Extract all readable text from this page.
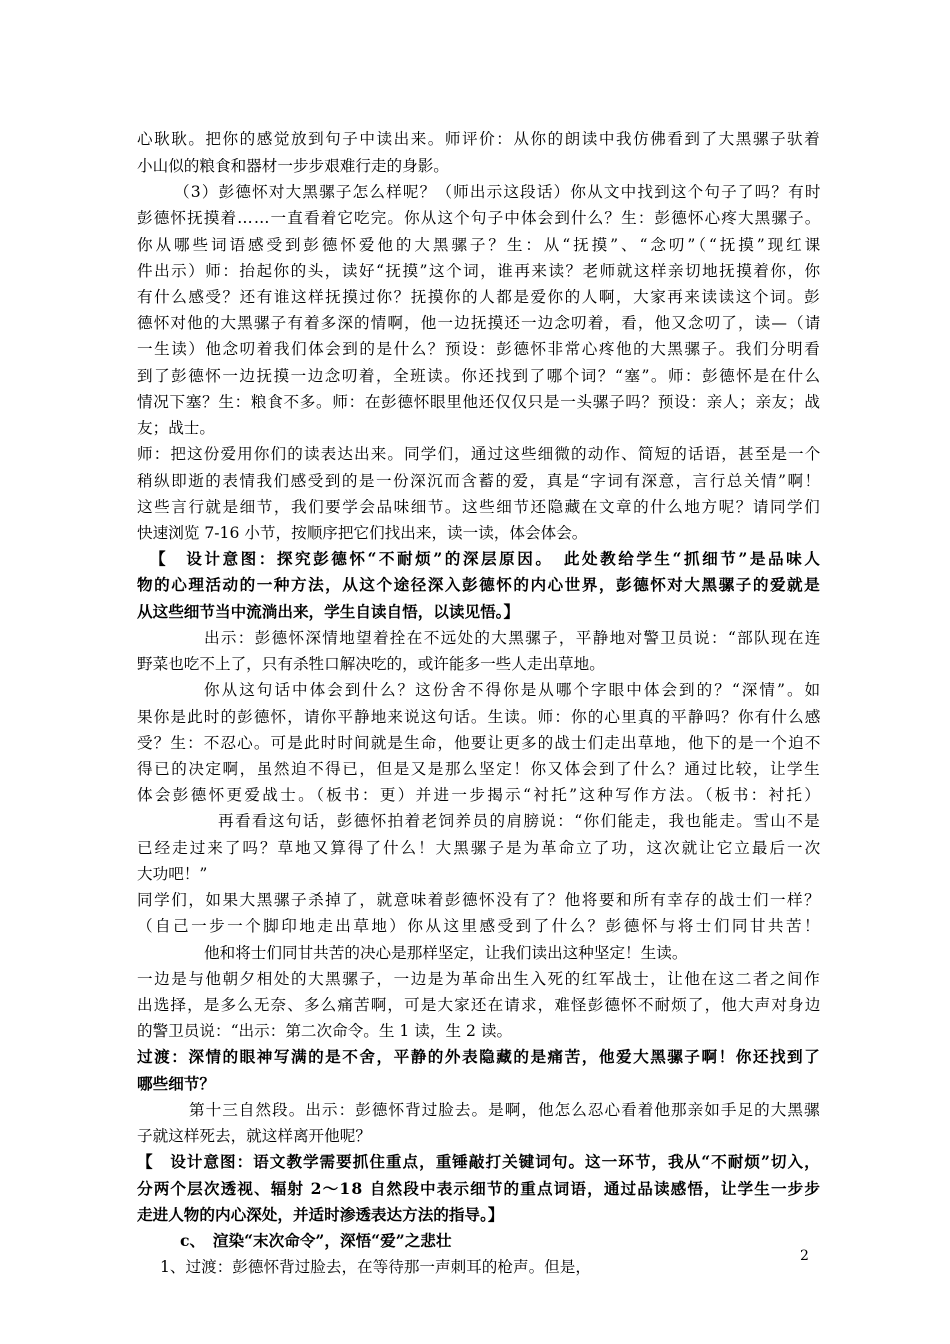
心耿耿。把你的感觉放到句子中读出来。师评价：从你的朗读中我仿佛看到了大黑骡子驮着
小山似的粮食和器材一步步艰难行走的身影。
（3）彭德怀对大黑骡子怎么样呢？（师出示这段话）你从文中找到这个句子了吗？有时
彭德怀抚摸着……一直看着它吃完。你从这个句子中体会到什么？生：彭德怀心疼大黑骡子。
你从哪些词语感受到彭德怀爱他的大黑骡子？生：从“抚摸”、“念叨”（“抚摸”现红课
件出示）师：抬起你的头，读好“抚摸”这个词，谁再来读？老师就这样亲切地抚摸着你，你
有什么感受？还有谁这样抚摸过你？抚摸你的人都是爱你的人啊，大家再来读读这个词。彭
德怀对他的大黑骡子有着多深的情啊，他一边抚摸还一边念叨着，看，他又念叨了，读—（请
一生读）他念叨着我们体会到的是什么？预设：彭德怀非常心疼他的大黑骡子。我们分明看
到了彭德怀一边抚摸一边念叨着，全班读。你还找到了哪个词？“塞”。师：彭德怀是在什么
情况下塞？生：粮食不多。师：在彭德怀眼里他还仅仅只是一头骡子吗？预设：亲人；亲友；战
友；战士。
师：把这份爱用你们的读表达出来。同学们，通过这些细微的动作、简短的话语，甚至是一个
稍纵即逝的表情我们感受到的是一份深沉而含蓄的爱，真是“字词有深意，言行总关情”啊！
这些言行就是细节，我们要学会品味细节。这些细节还隐藏在文章的什么地方呢？请同学们
快速浏览 7-16 小节，按顺序把它们找出来，读一读，体会体会。
【　设计意图：探究彭德怀“不耐烦”的深层原因。　此处教给学生“抓细节”是品味人
物的心理活动的一种方法，从这个途径深入彭德怀的内心世界，彭德怀对大黑骡子的爱就是
从这些细节当中流淌出来，学生自读自悟，以读见悟。】
出示：彭德怀深情地望着拴在不远处的大黑骡子，平静地对警卫员说：“部队现在连
野菜也吃不上了，只有杀牲口解决吃的，或许能多一些人走出草地。
你从这句话中体会到什么？这份舍不得你是从哪个字眼中体会到的？“深情”。如
果你是此时的彭德怀，请你平静地来说这句话。生读。师：你的心里真的平静吗？你有什么感
受？生：不忍心。可是此时时间就是生命，他要让更多的战士们走出草地，他下的是一个迫不
得已的决定啊，虽然迫不得已，但是又是那么坚定！你又体会到了什么？通过比较，让学生
体会彭德怀更爱战士。（板书：更）并进一步揭示“衬托”这种写作方法。（板书：衬托）
再看看这句话，彭德怀拍着老饲养员的肩膀说：“你们能走，我也能走。雪山不是
已经走过来了吗？草地又算得了什么！大黑骡子是为革命立了功，这次就让它立最后一次
大功吧！”
同学们，如果大黑骡子杀掉了，就意味着彭德怀没有了？他将要和所有幸存的战士们一样？
（自己一步一个脚印地走出草地）你从这里感受到了什么？彭德怀与将士们同甘共苦！
他和将士们同甘共苦的决心是那样坚定，让我们读出这种坚定！生读。
一边是与他朝夕相处的大黑骡子，一边是为革命出生入死的红军战士，让他在这二者之间作
出选择，是多么无奈、多么痛苦啊，可是大家还在请求，难怪彭德怀不耐烦了，他大声对身边
的警卫员说：“出示：第二次命令。生 1 读，生 2 读。
过渡：深情的眼神写满的是不舍，平静的外表隐藏的是痛苦，他爱大黑骡子啊！你还找到了
哪些细节？
第十三自然段。出示：彭德怀背过脸去。是啊，他怎么忍心看着他那亲如手足的大黑骡
子就这样死去，就这样离开他呢？
【　设计意图：语文教学需要抓住重点，重锤敲打关键词句。这一环节，我从“不耐烦”切入，
分两个层次透视、辐射 2～18 自然段中表示细节的重点词语，通过品读感悟，让学生一步步
走进人物的内心深处，并适时渗透表达方法的指导。】
c、　渲染“末次命令”，深悟“爱”之悲壮
1、过渡：彭德怀背过脸去，在等待那一声刺耳的枪声。但是，
2
